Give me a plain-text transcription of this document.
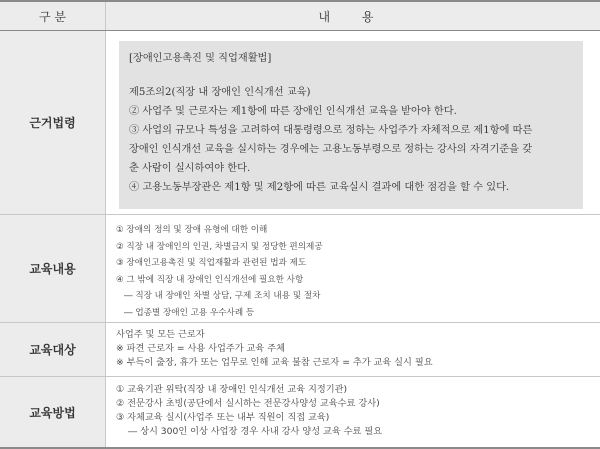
구 분	내 용
근거법령

[장애인고용촉진 및 직업재활법]

제5조의2(직장 내 장애인 인식개선 교육)

② 사업주 및 근로자는 제1항에 따른 장애인 인식개선 교육을 받아야 한다.

③ 사업의 규모나 특성을 고려하여 대통령령으로 정하는 사업주가 자체적으로 제1항에 따른

장애인 인식개선 교육을 실시하는 경우에는 고용노동부령으로 정하는 강사의 자격기준을 갖

춘 사람이 실시하여야 한다.

④ 고용노동부장관은 제1항 및 제2항에 따른 교육실시 결과에 대한 점검을 할 수 있다.

교육내용

① 장애의 정의 및 장애 유형에 대한 이해

② 직장 내 장애인의 인권, 차별금지 및 정당한 편의제공

③ 장애인고용촉진 및 직업재활과 관련된 법과 제도

④ 그 밖에 직장 내 장애인 인식개선에 필요한 사항

― 직장 내 장애인 차별 상담, 구제 조치 내용 및 절차

― 업종별 장애인 고용 우수사례 등

교육대상

사업주 및 모든 근로자

※ 파견 근로자 = 사용 사업주가 교육 주체

※ 부득이 출장, 휴가 또는 업무로 인해 교육 불참 근로자 = 추가 교육 실시 필요

교육방법

① 교육기관 위탁(직장 내 장애인 인식개선 교육 지정기관)

② 전문강사 초빙(공단에서 실시하는 전문강사양성 교육수료 강사)

③ 자체교육 실시(사업주 또는 내부 직원이 직접 교육)

― 상시 300인 이상 사업장 경우 사내 강사 양성 교육 수료 필요
